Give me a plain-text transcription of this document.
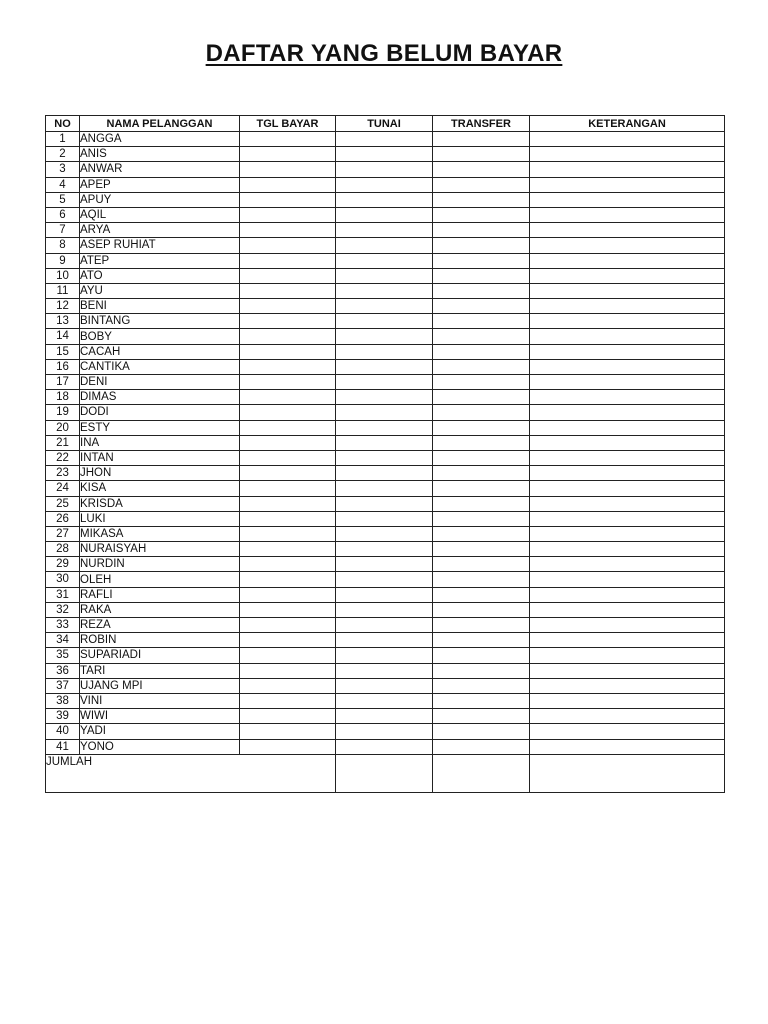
DAFTAR YANG BELUM BAYAR
NO	NAMA PELANGGAN	TGL BAYAR	TUNAI	TRANSFER	KETERANGAN
1	ANGGA				
2	ANIS				
3	ANWAR				
4	APEP				
5	APUY				
6	AQIL				
7	ARYA				
8	ASEP RUHIAT				
9	ATEP				
10	ATO				
11	AYU				
12	BENI				
13	BINTANG				
14	BOBY				
15	CACAH				
16	CANTIKA				
17	DENI				
18	DIMAS				
19	DODI				
20	ESTY				
21	INA				
22	INTAN				
23	JHON				
24	KISA				
25	KRISDA				
26	LUKI				
27	MIKASA				
28	NURAISYAH				
29	NURDIN				
30	OLEH				
31	RAFLI				
32	RAKA				
33	REZA				
34	ROBIN				
35	SUPARIADI				
36	TARI				
37	UJANG MPI				
38	VINI				
39	WIWI				
40	YADI				
41	YONO				
JUMLAH					
